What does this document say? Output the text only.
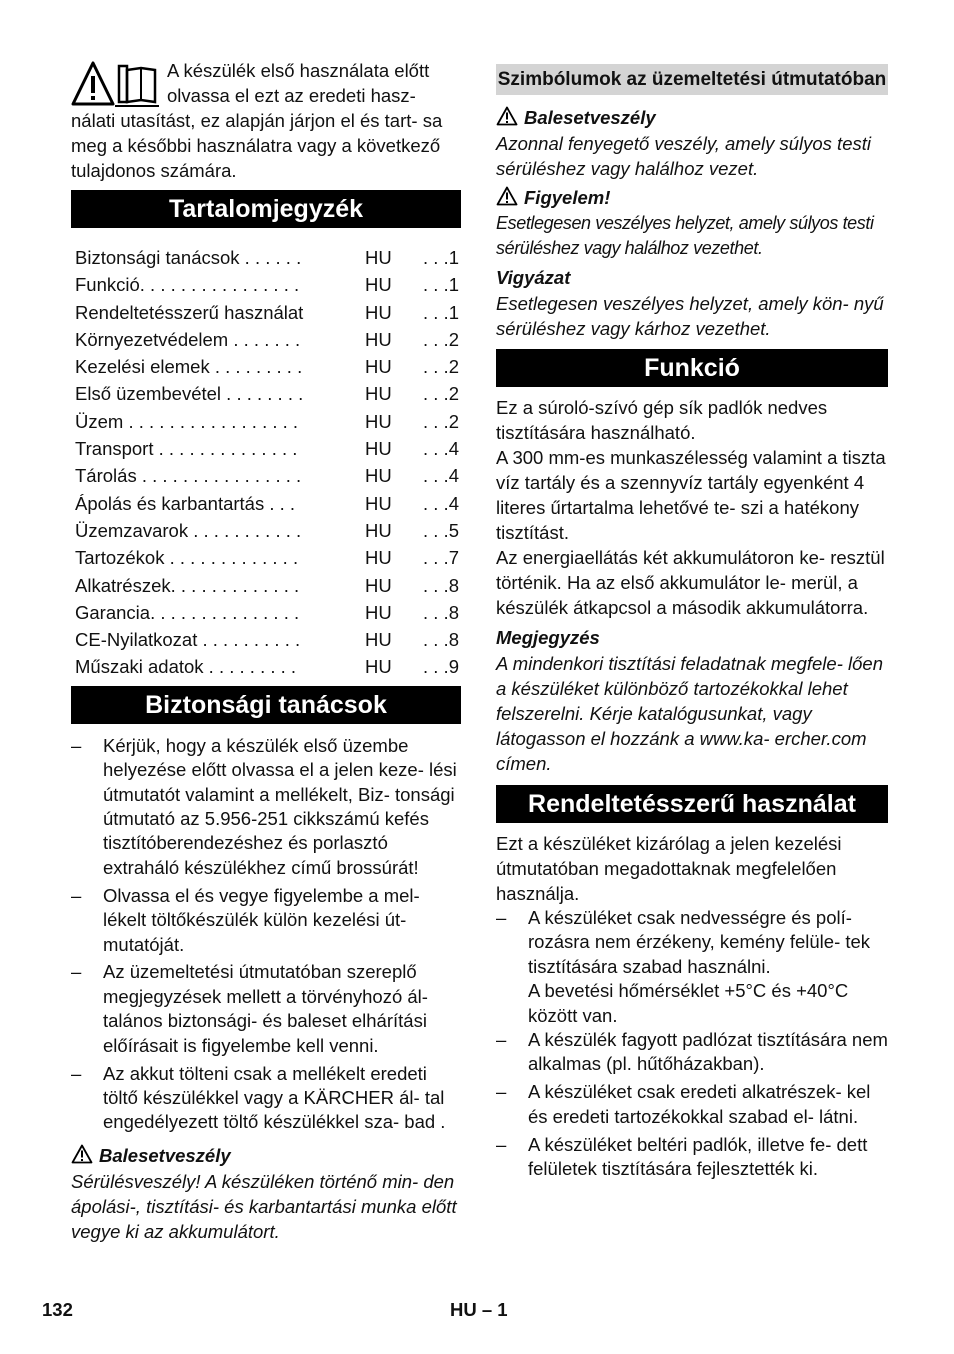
A készülék első használata előtt

olvassa el ezt az eredeti hasz-

nálati utasítást, ez alapján járjon el és tart- sa meg a későbbi használatra vagy a következő tulajdonos számára.

Tartalomjegyzék
Biztonsági tanácsok . . . . . .	HU	. . .1
Funkció. . . . . . . . . . . . . . . .	HU	. . .1
Rendeltetésszerű használat	HU	. . .1
Környezetvédelem . . . . . . .	HU	. . .2
Kezelési elemek . . . . . . . . .	HU	. . .2
Első üzembevétel . . . . . . . .	HU	. . .2
Üzem . . . . . . . . . . . . . . . . .	HU	. . .2
Transport . . . . . . . . . . . . . .	HU	. . .4
Tárolás . . . . . . . . . . . . . . . .	HU	. . .4
Ápolás és karbantartás . . .	HU	. . .4
Üzemzavarok . . . . . . . . . . .	HU	. . .5
Tartozékok . . . . . . . . . . . . .	HU	. . .7
Alkatrészek. . . . . . . . . . . . .	HU	. . .8
Garancia. . . . . . . . . . . . . . .	HU	. . .8
CE-Nyilatkozat . . . . . . . . . .	HU	. . .8
Műszaki adatok . . . . . . . . .	HU	. . .9
Biztonsági tanácsok
– Kérjük, hogy a készülék első üzembe helyezése előtt olvassa el a jelen keze- lési útmutatót valamint a mellékelt, Biz- tonsági útmutató az 5.956-251 cikkszámú kefés tisztítóberendezéshez és porlasztó extraháló készülékhez című brossúrát!
– Olvassa el és vegye figyelembe a mel- lékelt töltőkészülék külön kezelési út- mutatóját.
– Az üzemeltetési útmutatóban szereplő megjegyzések mellett a törvényhozó ál- talános biztonsági- és baleset elhárítási előírásait is figyelembe kell venni.
– Az akkut tölteni csak a mellékelt eredeti töltő készülékkel vagy a KÄRCHER ál- tal engedélyezett töltő készülékkel sza- bad .
Balesetveszély

Sérülésveszély! A készüléken történő min- den ápolási-, tisztítási- és karbantartási munka előtt vegye ki az akkumulátort.

Szimbólumok az üzemeltetési útmutatóban
Balesetveszély

Azonnal fenyegető veszély, amely súlyos testi sérüléshez vagy halálhoz vezet.

Figyelem!

Esetlegesen veszélyes helyzet, amely súlyos testi sérüléshez vagy halálhoz vezethet.

Vigyázat

Esetlegesen veszélyes helyzet, amely kön- nyű sérüléshez vagy kárhoz vezethet.

Funkció

Ez a súroló-szívó gép sík padlók nedves tisztítására használható.

A 300 mm-es munkaszélesség valamint a tiszta víz tartály és a szennyvíz tartály egyenként 4 literes űrtartalma lehetővé te- szi a hatékony tisztítást.

Az energiaellátás két akkumulátoron ke- resztül történik. Ha az első akkumulátor le- merül, a készülék átkapcsol a második akkumulátorra.

Megjegyzés

A mindenkori tisztítási feladatnak megfele- lően a készüléket különböző tartozékokkal lehet felszerelni. Kérje katalógusunkat, vagy látogasson el hozzánk a www.ka- ercher.com címen.

Rendeltetésszerű használat

Ezt a készüléket kizárólag a jelen kezelési útmutatóban megadottaknak megfelelően használja.

– A készüléket csak nedvességre és polí- rozásra nem érzékeny, kemény felüle- tek tisztítására szabad használni.
A bevetési hőmérséklet +5°C és +40°C között van.
– A készülék fagyott padlózat tisztítására nem alkalmas (pl. hűtőházakban).
– A készüléket csak eredeti alkatrészek- kel és eredeti tartozékokkal szabad el- látni.
– A készüléket beltéri padlók, illetve fe- dett felületek tisztítására fejlesztették ki.
132	HU – 1
